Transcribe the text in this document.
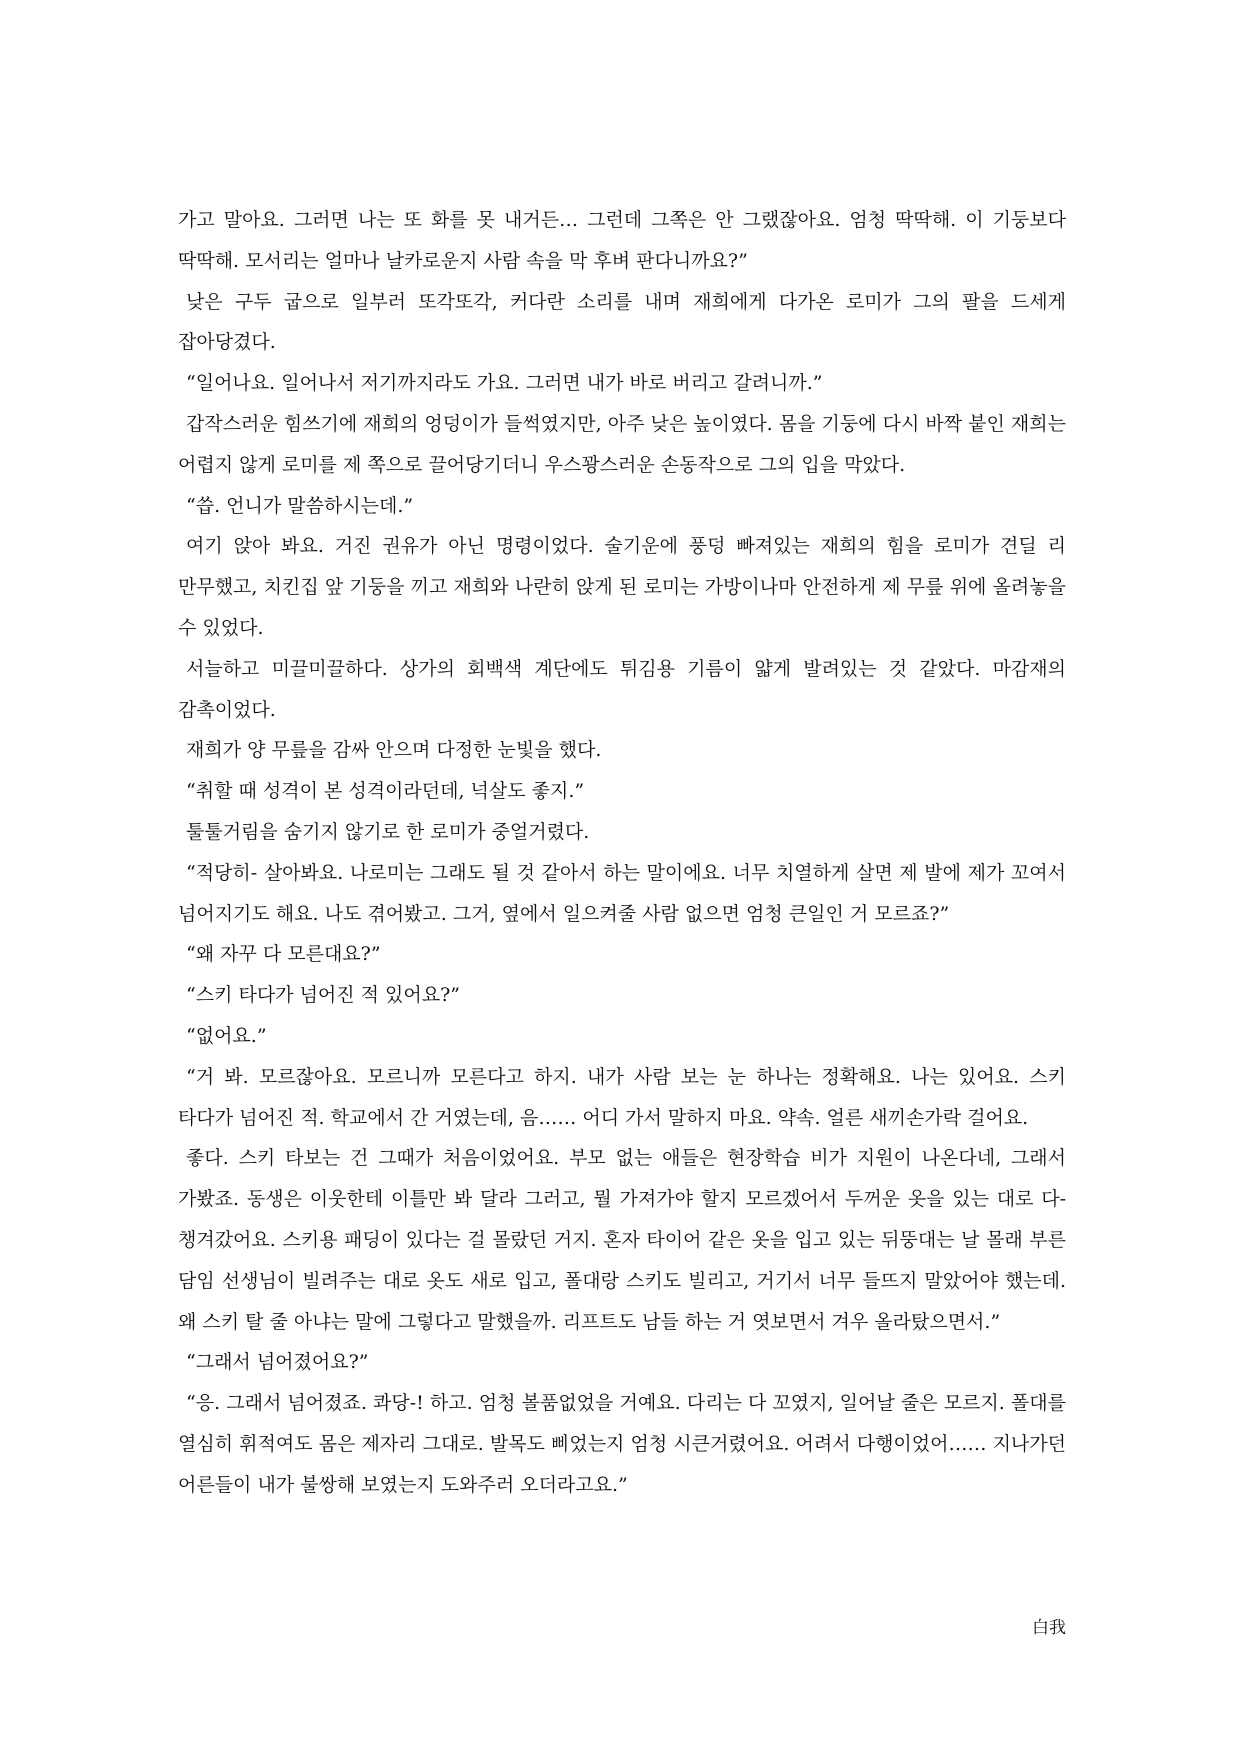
가고 말아요. 그러면 나는 또 화를 못 내거든… 그런데 그쪽은 안 그랬잖아요. 엄청 딱딱해. 이 기둥보다 딱딱해. 모서리는 얼마나 날카로운지 사람 속을 막 후벼 판다니까요?”

낮은 구두 굽으로 일부러 또각또각, 커다란 소리를 내며 재희에게 다가온 로미가 그의 팔을 드세게 잡아당겼다.

“일어나요. 일어나서 저기까지라도 가요. 그러면 내가 바로 버리고 갈려니까.”

갑작스러운 힘쓰기에 재희의 엉덩이가 들썩였지만, 아주 낮은 높이였다. 몸을 기둥에 다시 바짝 붙인 재희는 어렵지 않게 로미를 제 쪽으로 끌어당기더니 우스꽝스러운 손동작으로 그의 입을 막았다.

“씁. 언니가 말씀하시는데.”

여기 앉아 봐요. 거진 권유가 아닌 명령이었다. 술기운에 풍덩 빠져있는 재희의 힘을 로미가 견딜 리 만무했고, 치킨집 앞 기둥을 끼고 재희와 나란히 앉게 된 로미는 가방이나마 안전하게 제 무릎 위에 올려놓을 수 있었다.

서늘하고 미끌미끌하다. 상가의 회백색 계단에도 튀김용 기름이 얇게 발려있는 것 같았다. 마감재의 감촉이었다.

재희가 양 무릎을 감싸 안으며 다정한 눈빛을 했다.

“취할 때 성격이 본 성격이라던데, 넉살도 좋지.”

툴툴거림을 숨기지 않기로 한 로미가 중얼거렸다.

“적당히- 살아봐요. 나로미는 그래도 될 것 같아서 하는 말이에요. 너무 치열하게 살면 제 발에 제가 꼬여서 넘어지기도 해요. 나도 겪어봤고. 그거, 옆에서 일으켜줄 사람 없으면 엄청 큰일인 거 모르죠?”

“왜 자꾸 다 모른대요?”

“스키 타다가 넘어진 적 있어요?”

“없어요.”

“거 봐. 모르잖아요. 모르니까 모른다고 하지. 내가 사람 보는 눈 하나는 정확해요. 나는 있어요. 스키 타다가 넘어진 적. 학교에서 간 거였는데, 음…… 어디 가서 말하지 마요. 약속. 얼른 새끼손가락 걸어요.

좋다. 스키 타보는 건 그때가 처음이었어요. 부모 없는 애들은 현장학습 비가 지원이 나온다네, 그래서 가봤죠. 동생은 이웃한테 이틀만 봐 달라 그러고, 뭘 가져가야 할지 모르겠어서 두꺼운 옷을 있는 대로 다- 챙겨갔어요. 스키용 패딩이 있다는 걸 몰랐던 거지. 혼자 타이어 같은 옷을 입고 있는 뒤뚱대는 날 몰래 부른 담임 선생님이 빌려주는 대로 옷도 새로 입고, 폴대랑 스키도 빌리고, 거기서 너무 들뜨지 말았어야 했는데. 왜 스키 탈 줄 아냐는 말에 그렇다고 말했을까. 리프트도 남들 하는 거 엿보면서 겨우 올라탔으면서.”

“그래서 넘어졌어요?”

“응. 그래서 넘어졌죠. 콰당-! 하고. 엄청 볼품없었을 거예요. 다리는 다 꼬였지, 일어날 줄은 모르지. 폴대를 열심히 휘적여도 몸은 제자리 그대로. 발목도 삐었는지 엄청 시큰거렸어요. 어려서 다행이었어…… 지나가던 어른들이 내가 불쌍해 보였는지 도와주러 오더라고요.”

白我
